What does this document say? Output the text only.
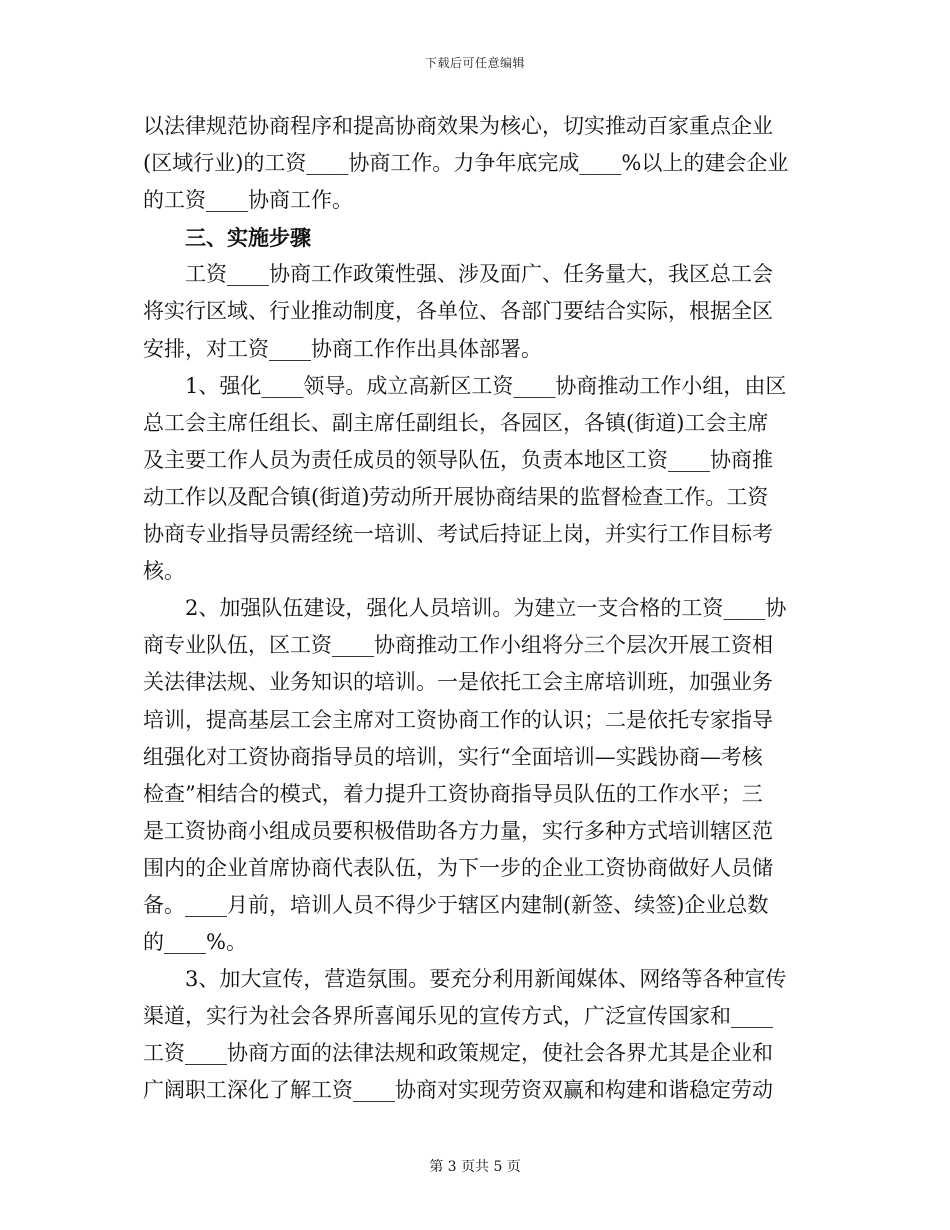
下载后可任意编辑
以法律规范协商程序和提高协商效果为核心，切实推动百家重点企业
(区域行业)的工资____协商工作。力争年底完成____%以上的建会企业
的工资____协商工作。
三、实施步骤
工资____协商工作政策性强、涉及面广、任务量大，我区总工会
将实行区域、行业推动制度，各单位、各部门要结合实际，根据全区
安排，对工资____协商工作作出具体部署。
1、强化____领导。成立高新区工资____协商推动工作小组，由区
总工会主席任组长、副主席任副组长，各园区，各镇(街道)工会主席
及主要工作人员为责任成员的领导队伍，负责本地区工资____协商推
动工作以及配合镇(街道)劳动所开展协商结果的监督检查工作。工资
协商专业指导员需经统一培训、考试后持证上岗，并实行工作目标考
核。
2、加强队伍建设，强化人员培训。为建立一支合格的工资____协
商专业队伍，区工资____协商推动工作小组将分三个层次开展工资相
关法律法规、业务知识的培训。一是依托工会主席培训班，加强业务
培训，提高基层工会主席对工资协商工作的认识；二是依托专家指导
组强化对工资协商指导员的培训，实行“全面培训—实践协商—考核
检查”相结合的模式，着力提升工资协商指导员队伍的工作水平；三
是工资协商小组成员要积极借助各方力量，实行多种方式培训辖区范
围内的企业首席协商代表队伍，为下一步的企业工资协商做好人员储
备。____月前，培训人员不得少于辖区内建制(新签、续签)企业总数
的____%。
3、加大宣传，营造氛围。要充分利用新闻媒体、网络等各种宣传
渠道，实行为社会各界所喜闻乐见的宣传方式，广泛宣传国家和____
工资____协商方面的法律法规和政策规定，使社会各界尤其是企业和
广阔职工深化了解工资____协商对实现劳资双赢和构建和谐稳定劳动
第 3 页共 5 页
